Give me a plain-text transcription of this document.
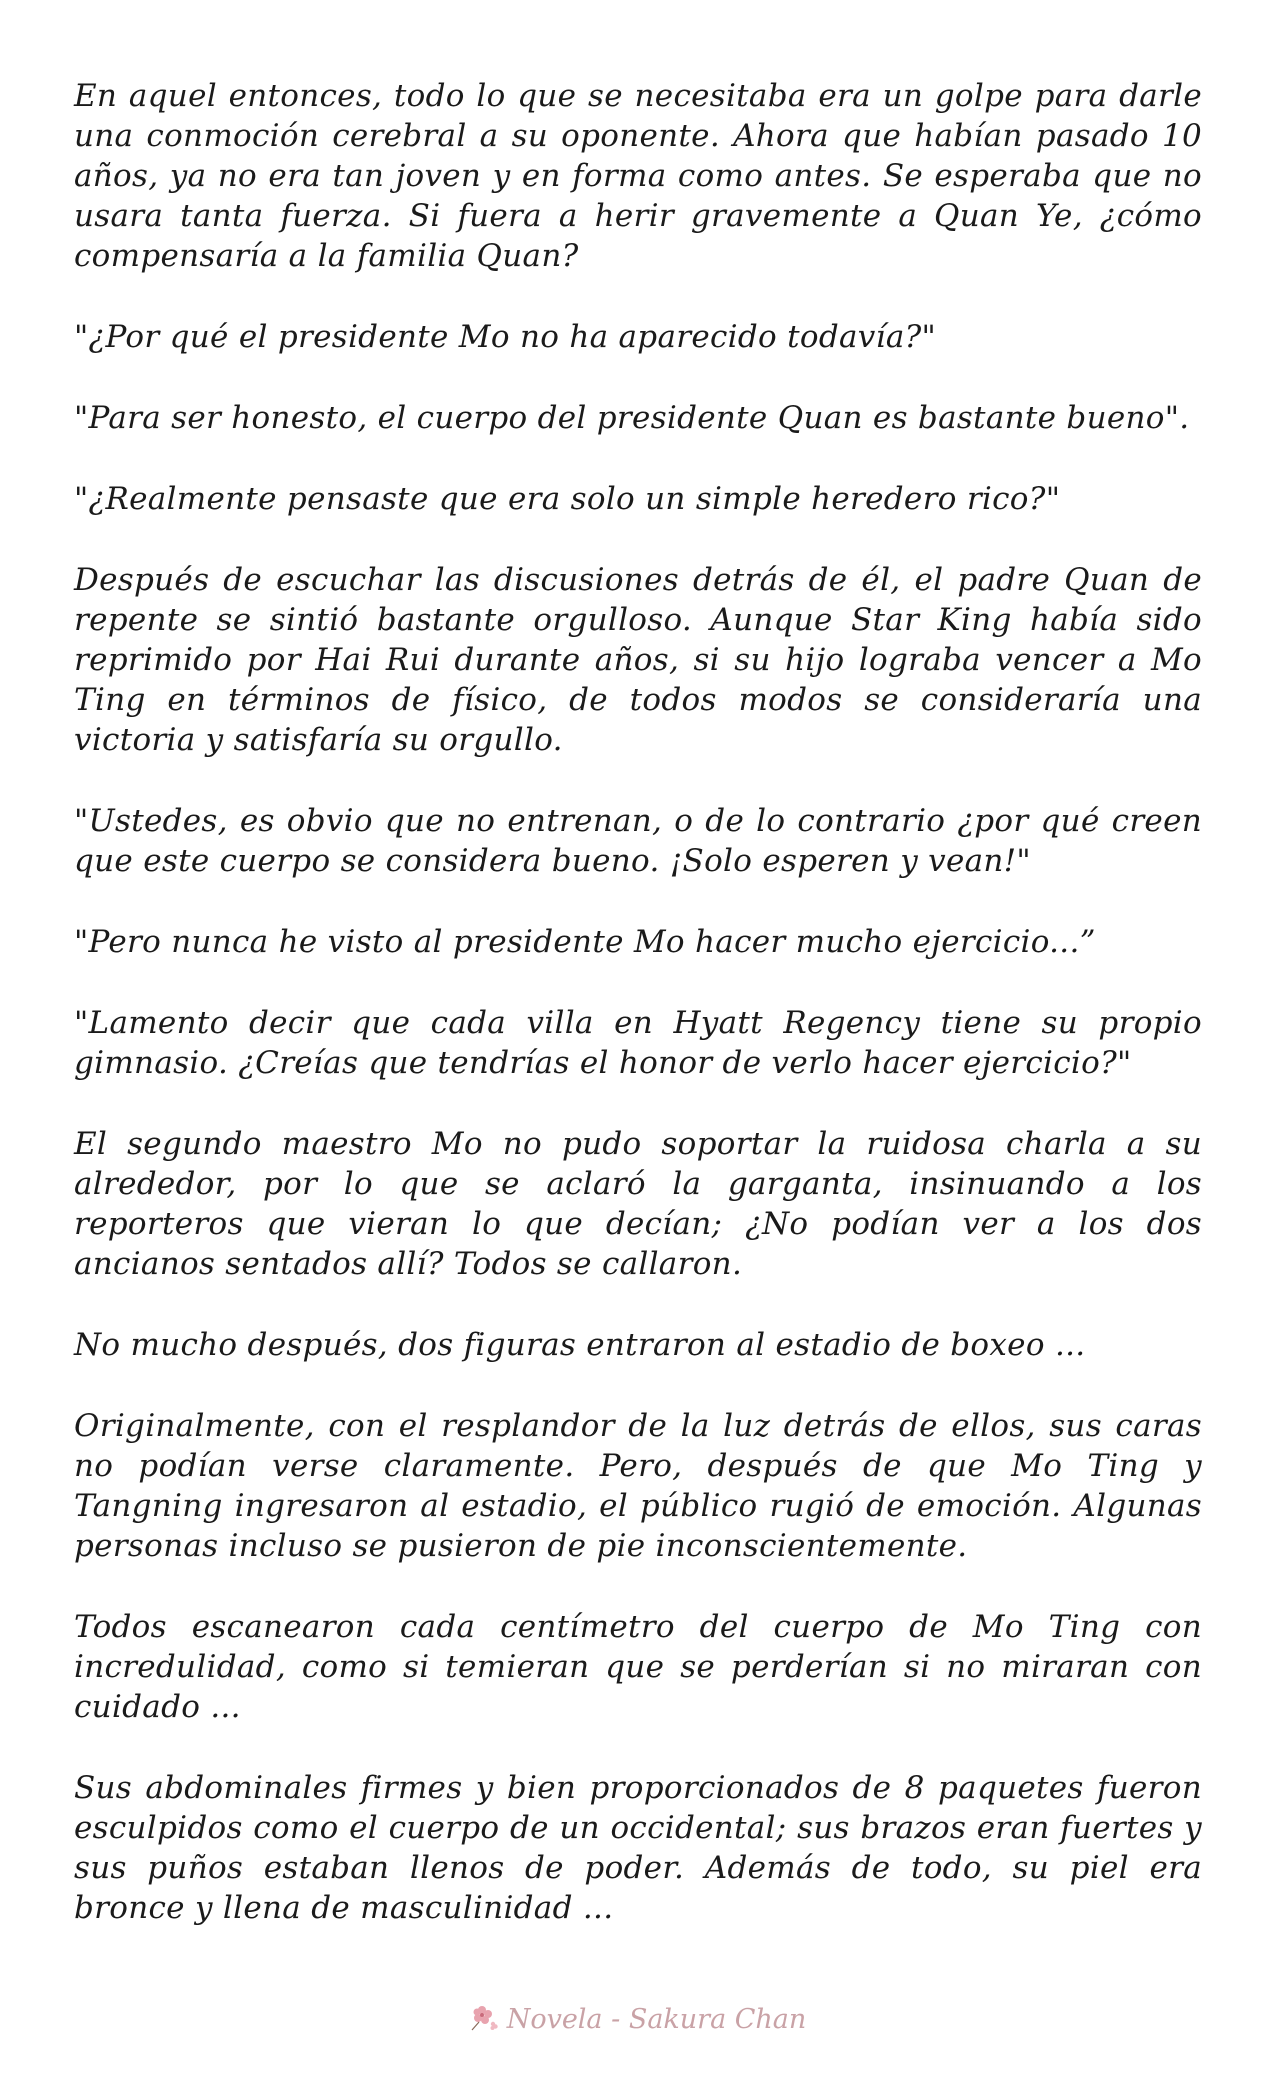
En aquel entonces, todo lo que se necesitaba era un golpe para darle una conmoción cerebral a su oponente. Ahora que habían pasado 10 años, ya no era tan joven y en forma como antes. Se esperaba que no usara tanta fuerza. Si fuera a herir gravemente a Quan Ye, ¿cómo compensaría a la familia Quan?

"¿Por qué el presidente Mo no ha aparecido todavía?"

"Para ser honesto, el cuerpo del presidente Quan es bastante bueno".

"¿Realmente pensaste que era solo un simple heredero rico?"

Después de escuchar las discusiones detrás de él, el padre Quan de repente se sintió bastante orgulloso. Aunque Star King había sido reprimido por Hai Rui durante años, si su hijo lograba vencer a Mo Ting en términos de físico, de todos modos se consideraría una victoria y satisfaría su orgullo.

"Ustedes, es obvio que no entrenan, o de lo contrario ¿por qué creen que este cuerpo se considera bueno. ¡Solo esperen y vean!"

"Pero nunca he visto al presidente Mo hacer mucho ejercicio...”

"Lamento decir que cada villa en Hyatt Regency tiene su propio gimnasio. ¿Creías que tendrías el honor de verlo hacer ejercicio?"

El segundo maestro Mo no pudo soportar la ruidosa charla a su alrededor, por lo que se aclaró la garganta, insinuando a los reporteros que vieran lo que decían; ¿No podían ver a los dos ancianos sentados allí? Todos se callaron.

No mucho después, dos figuras entraron al estadio de boxeo ...

Originalmente, con el resplandor de la luz detrás de ellos, sus caras no podían verse claramente. Pero, después de que Mo Ting y Tangning ingresaron al estadio, el público rugió de emoción. Algunas personas incluso se pusieron de pie inconscientemente.

Todos escanearon cada centímetro del cuerpo de Mo Ting con incredulidad, como si temieran que se perderían si no miraran con cuidado ...

Sus abdominales firmes y bien proporcionados de 8 paquetes fueron esculpidos como el cuerpo de un occidental; sus brazos eran fuertes y sus puños estaban llenos de poder. Además de todo, su piel era bronce y llena de masculinidad ...

Novela - Sakura Chan
